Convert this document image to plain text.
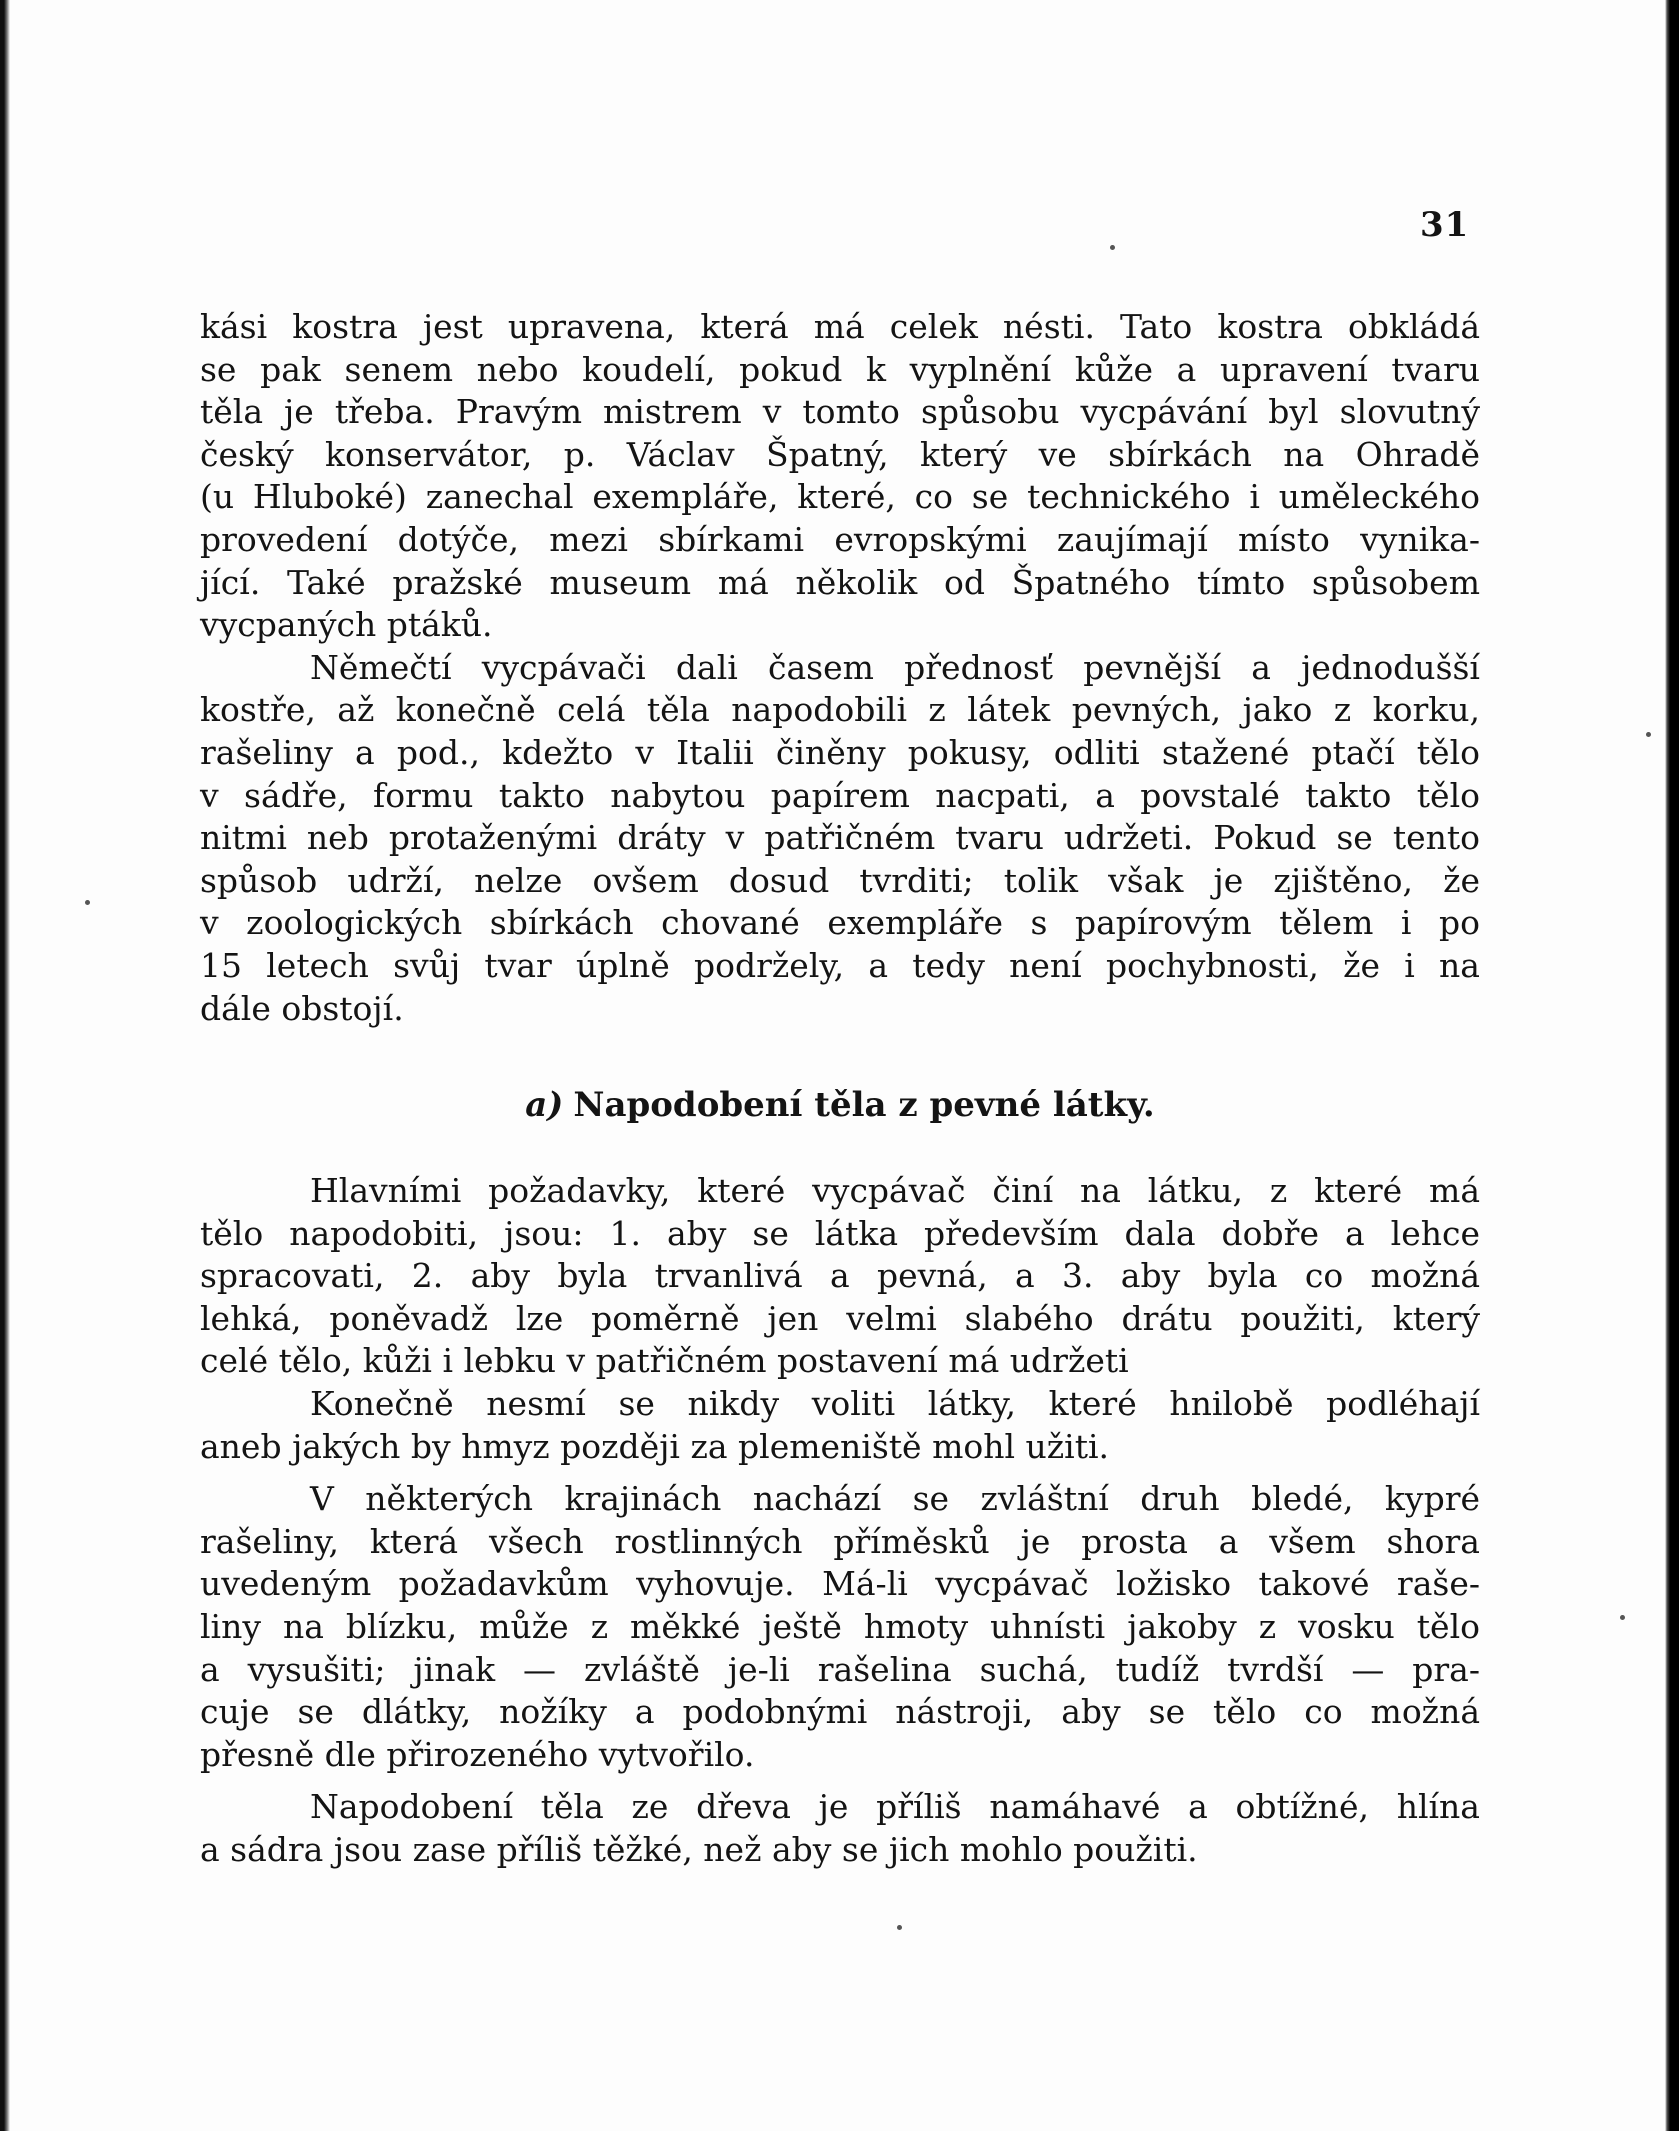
31
kási kostra jest upravena, která má celek nésti. Tato kostra obkládá
se pak senem nebo koudelí, pokud k vyplnění kůže a upravení tvaru
těla je třeba. Pravým mistrem v tomto spůsobu vycpávání byl slovutný
český konservátor, p. Václav Špatný, který ve sbírkách na Ohradě
(u Hluboké) zanechal exempláře, které, co se technického i uměleckého
provedení dotýče, mezi sbírkami evropskými zaujímají místo vynika-
jící. Také pražské museum má několik od Špatného tímto spůsobem
vycpaných ptáků.
Němečtí vycpávači dali časem přednosť pevnější a jednodušší
kostře, až konečně celá těla napodobili z látek pevných, jako z korku,
rašeliny a pod., kdežto v Italii činěny pokusy, odliti stažené ptačí tělo
v sádře, formu takto nabytou papírem nacpati, a povstalé takto tělo
nitmi neb protaženými dráty v patřičném tvaru udržeti. Pokud se tento
spůsob udrží, nelze ovšem dosud tvrditi; tolik však je zjištěno, že
v zoologických sbírkách chované exempláře s papírovým tělem i po
15 letech svůj tvar úplně podržely, a tedy není pochybnosti, že i na
dále obstojí.
a) Napodobení těla z pevné látky.
Hlavními požadavky, které vycpávač činí na látku, z které má
tělo napodobiti, jsou: 1. aby se látka především dala dobře a lehce
spracovati, 2. aby byla trvanlivá a pevná, a 3. aby byla co možná
lehká, poněvadž lze poměrně jen velmi slabého drátu použiti, který
celé tělo, kůži i lebku v patřičném postavení má udržeti
Konečně nesmí se nikdy voliti látky, které hnilobě podléhají
aneb jakých by hmyz později za plemeniště mohl užiti.
V některých krajinách nachází se zvláštní druh bledé, kypré
rašeliny, která všech rostlinných příměsků je prosta a všem shora
uvedeným požadavkům vyhovuje. Má-li vycpávač ložisko takové raše-
liny na blízku, může z měkké ještě hmoty uhnísti jakoby z vosku tělo
a vysušiti; jinak — zvláště je-li rašelina suchá, tudíž tvrdší — pra-
cuje se dlátky, nožíky a podobnými nástroji, aby se tělo co možná
přesně dle přirozeného vytvořilo.
Napodobení těla ze dřeva je příliš namáhavé a obtížné, hlína
a sádra jsou zase příliš těžké, než aby se jich mohlo použiti.
